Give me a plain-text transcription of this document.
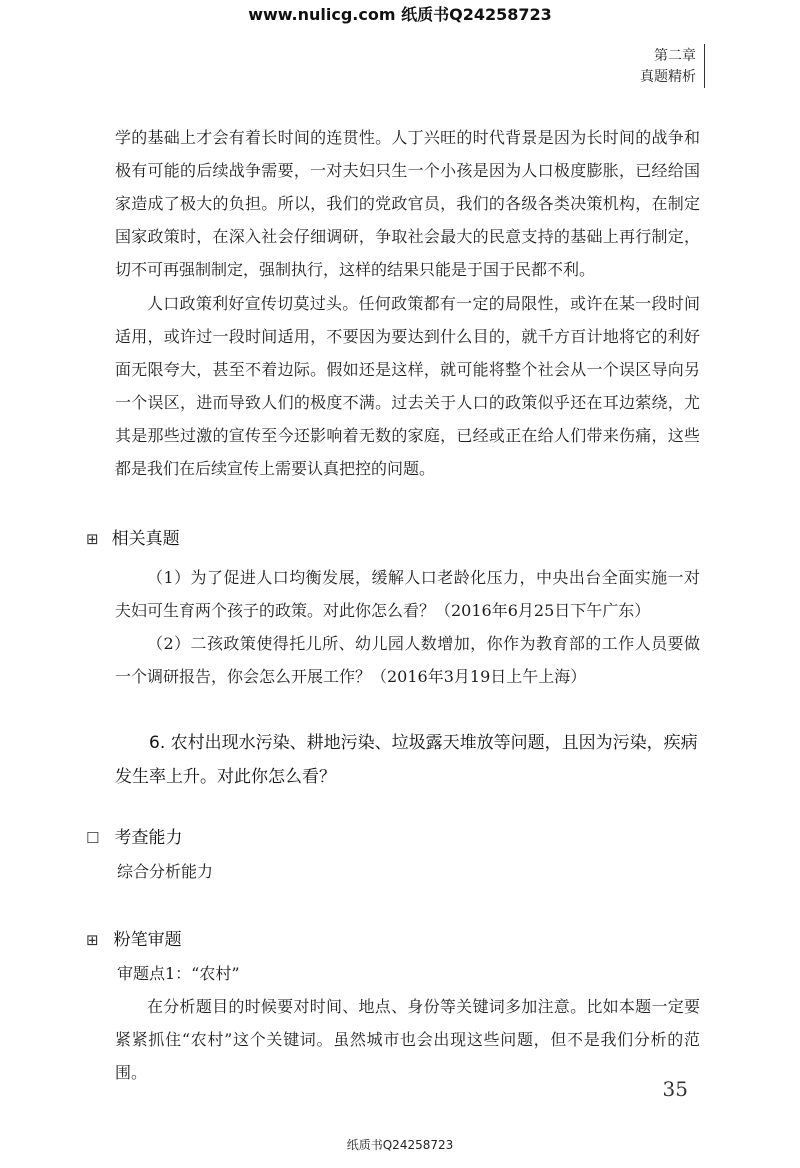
www.nulicg.com 纸质书Q24258723
第二章
真题精析
学的基础上才会有着长时间的连贯性。人丁兴旺的时代背景是因为长时间的战争和极有可能的后续战争需要，一对夫妇只生一个小孩是因为人口极度膨胀，已经给国家造成了极大的负担。所以，我们的党政官员，我们的各级各类决策机构，在制定国家政策时，在深入社会仔细调研，争取社会最大的民意支持的基础上再行制定，切不可再强制制定，强制执行，这样的结果只能是于国于民都不利。
人口政策利好宣传切莫过头。任何政策都有一定的局限性，或许在某一段时间适用，或许过一段时间适用，不要因为要达到什么目的，就千方百计地将它的利好面无限夸大，甚至不着边际。假如还是这样，就可能将整个社会从一个误区导向另一个误区，进而导致人们的极度不满。过去关于人口的政策似乎还在耳边萦绕，尤其是那些过激的宣传至今还影响着无数的家庭，已经或正在给人们带来伤痛，这些都是我们在后续宣传上需要认真把控的问题。
⊞ 相关真题
（1）为了促进人口均衡发展，缓解人口老龄化压力，中央出台全面实施一对夫妇可生育两个孩子的政策。对此你怎么看？（2016年6月25日下午广东）
（2）二孩政策使得托儿所、幼儿园人数增加，你作为教育部的工作人员要做一个调研报告，你会怎么开展工作？（2016年3月19日上午上海）
6. 农村出现水污染、耕地污染、垃圾露天堆放等问题，且因为污染，疾病发生率上升。对此你怎么看？
☐ 考查能力
综合分析能力
⊞ 粉笔审题
审题点1：“农村”
在分析题目的时候要对时间、地点、身份等关键词多加注意。比如本题一定要紧紧抓住“农村”这个关键词。虽然城市也会出现这些问题，但不是我们分析的范围。
35
纸质书Q24258723
